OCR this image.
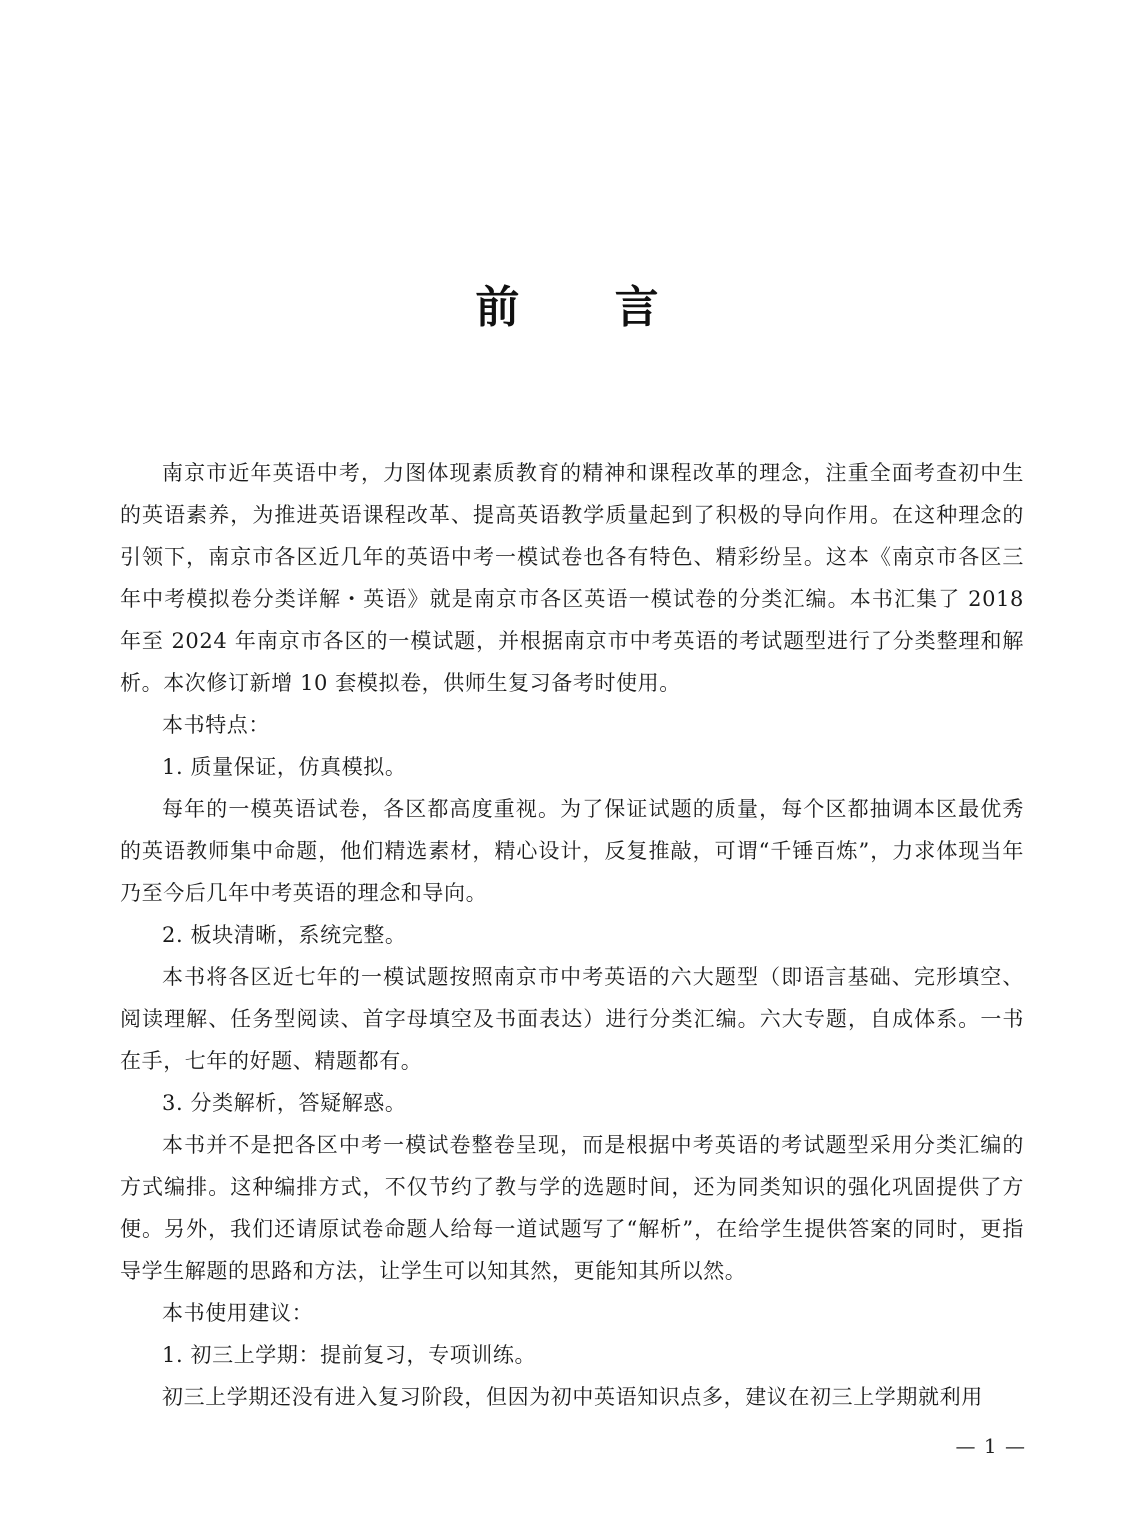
前 言

南京市近年英语中考，力图体现素质教育的精神和课程改革的理念，注重全面考查初中生的英语素养，为推进英语课程改革、提高英语教学质量起到了积极的导向作用。在这种理念的引领下，南京市各区近几年的英语中考一模试卷也各有特色、精彩纷呈。这本《南京市各区三年中考模拟卷分类详解・英语》就是南京市各区英语一模试卷的分类汇编。本书汇集了 2018 年至 2024 年南京市各区的一模试题，并根据南京市中考英语的考试题型进行了分类整理和解析。本次修订新增 10 套模拟卷，供师生复习备考时使用。

本书特点：

1. 质量保证，仿真模拟。

每年的一模英语试卷，各区都高度重视。为了保证试题的质量，每个区都抽调本区最优秀的英语教师集中命题，他们精选素材，精心设计，反复推敲，可谓“千锤百炼”，力求体现当年乃至今后几年中考英语的理念和导向。

2. 板块清晰，系统完整。

本书将各区近七年的一模试题按照南京市中考英语的六大题型（即语言基础、完形填空、阅读理解、任务型阅读、首字母填空及书面表达）进行分类汇编。六大专题，自成体系。一书在手，七年的好题、精题都有。

3. 分类解析，答疑解惑。

本书并不是把各区中考一模试卷整卷呈现，而是根据中考英语的考试题型采用分类汇编的方式编排。这种编排方式，不仅节约了教与学的选题时间，还为同类知识的强化巩固提供了方便。另外，我们还请原试卷命题人给每一道试题写了“解析”，在给学生提供答案的同时，更指导学生解题的思路和方法，让学生可以知其然，更能知其所以然。

本书使用建议：

1. 初三上学期：提前复习，专项训练。

初三上学期还没有进入复习阶段，但因为初中英语知识点多，建议在初三上学期就利用

— 1 —
